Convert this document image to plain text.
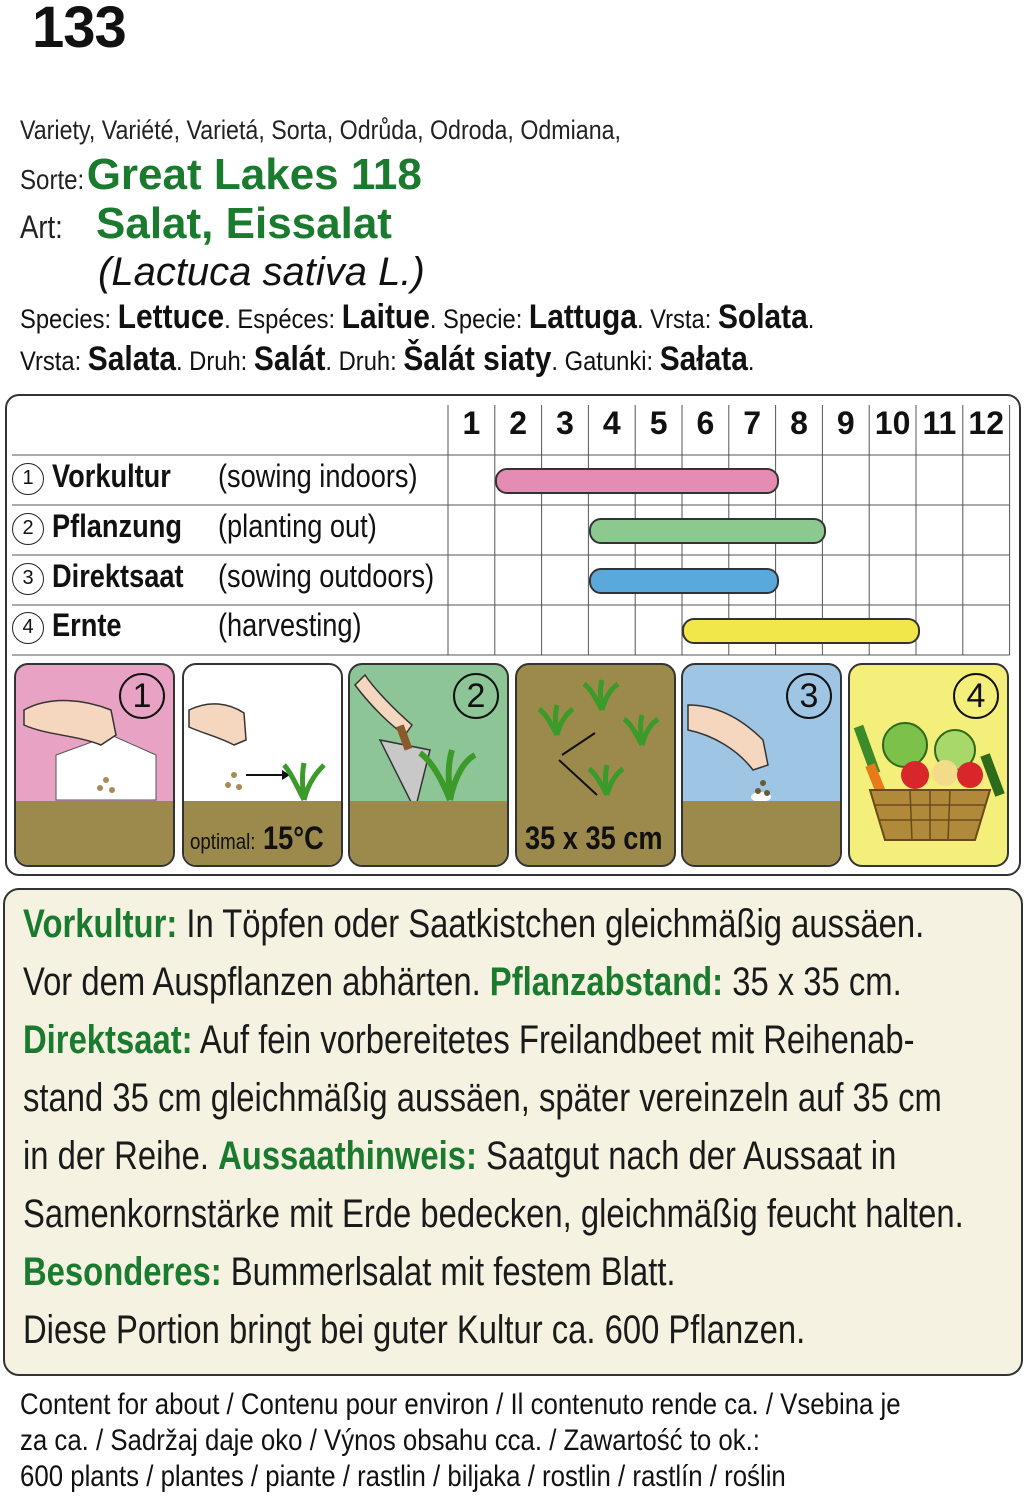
133
Variety, Variété, Varietá, Sorta, Odrůda, Odroda, Odmiana,
Sorte:Great Lakes 118
Art: Salat, Eissalat
(Lactuca sativa L.)
Species: Lettuce. Espéces: Laitue. Specie: Lattuga. Vrsta: Solata.
Vrsta: Salata. Druh: Salát. Druh: Šalát siaty. Gatunki: Sałata.
1 2 3 4 5 6 7 8 9 10 11 12
1 Vorkultur (sowing indoors)
2 Pflanzung (planting out)
3 Direktsaat (sowing outdoors)
4 Ernte	(harvesting)
1
optimal: 15°C
2
35 x 35 cm
3	4
Vorkultur: In Töpfen oder Saatkistchen gleichmäßig aussäen.
Vor dem Auspflanzen abhärten. Pflanzabstand: 35 x 35 cm.
Direktsaat: Auf fein vorbereitetes Freilandbeet mit Reihenab-
stand 35 cm gleichmäßig aussäen, später vereinzeln auf 35 cm
in der Reihe. Aussaathinweis: Saatgut nach der Aussaat in
Samenkornstärke mit Erde bedecken, gleichmäßig feucht halten.
Besonderes: Bummerlsalat mit festem Blatt.
Diese Portion bringt bei guter Kultur ca. 600 Pflanzen.
Content for about / Contenu pour environ / Il contenuto rende ca. / Vsebina je
za ca. / Sadržaj daje oko / Výnos obsahu cca. / Zawartość to ok.:
600 plants / plantes / piante / rastlin / biljaka / rostlin / rastlín / roślin
